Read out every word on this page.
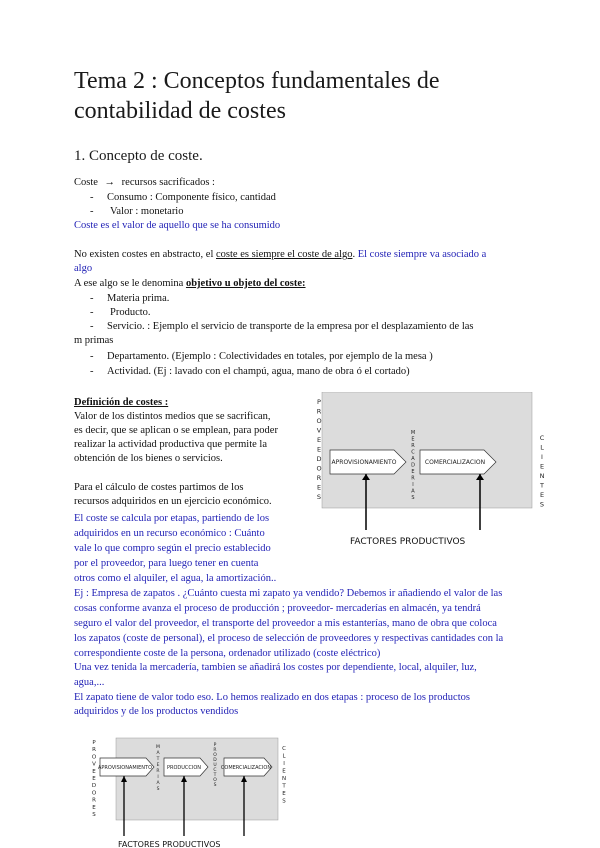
Tema 2 : Conceptos fundamentales de contabilidad de costes
1. Concepto de coste.
Coste → recursos sacrificados :
- Consumo : Componente físico, cantidad
- Valor : monetario
Coste es el valor de aquello que se ha consumido
No existen costes en abstracto, el coste es siempre el coste de algo. El coste siempre va asociado a
algo
A ese algo se le denomina objetivo u objeto del coste:
- Materia prima.
- Producto.
- Servicio. : Ejemplo el servicio de transporte de la empresa por el desplazamiento de las
m primas
- Departamento. (Ejemplo : Colectividades en totales, por ejemplo de la mesa )
- Actividad. (Ej : lavado con el champú, agua, mano de obra ó el cortado)
Definición de costes :
Valor de los distintos medios que se sacrifican,
es decir, que se aplican o se emplean, para poder
realizar la actividad productiva que permite la
obtención de los bienes o servicios.
Para el cálculo de costes partimos de los
recursos adquiridos en un ejercicio económico.
El coste se calcula por etapas, partiendo de los
adquiridos en un recurso económico : Cuánto
vale lo que compro según el precio establecido
por el proveedor, para luego tener en cuenta
otros como el alquiler, el agua, la amortización..
Ej : Empresa de zapatos . ¿Cuánto cuesta mi zapato ya vendido? Debemos ir añadiendo el valor de las
cosas conforme avanza el proceso de producción ; proveedor- mercaderías en almacén, ya tendrá
seguro el valor del proveedor, el transporte del proveedor a mis estanterías, mano de obra que coloca
los zapatos (coste de personal), el proceso de selección de proveedores y respectivas cantidades con la
correspondiente coste de la persona, ordenador utilizado (coste eléctrico)
Una vez tenida la mercadería, tambien se añadirá los costes por dependiente, local, alquiler, luz,
agua,...
El zapato tiene de valor todo eso. Lo hemos realizado en dos etapas : proceso de los productos
adquiridos y de los productos vendidos
APROVISIONAMIENTO	COMERCIALIZACION
FACTORES PRODUCTIVOS
P R O V E E D O R E S
M E R C A D E R I A S
C L I E N T E S
APROVISIONAMIENTO	PRODUCCION	COMERCIALIZACION
FACTORES PRODUCTIVOS
P R O V E E D O R E S
M A T E R I A S
P R O D U C T O S
C L I E N T E S
